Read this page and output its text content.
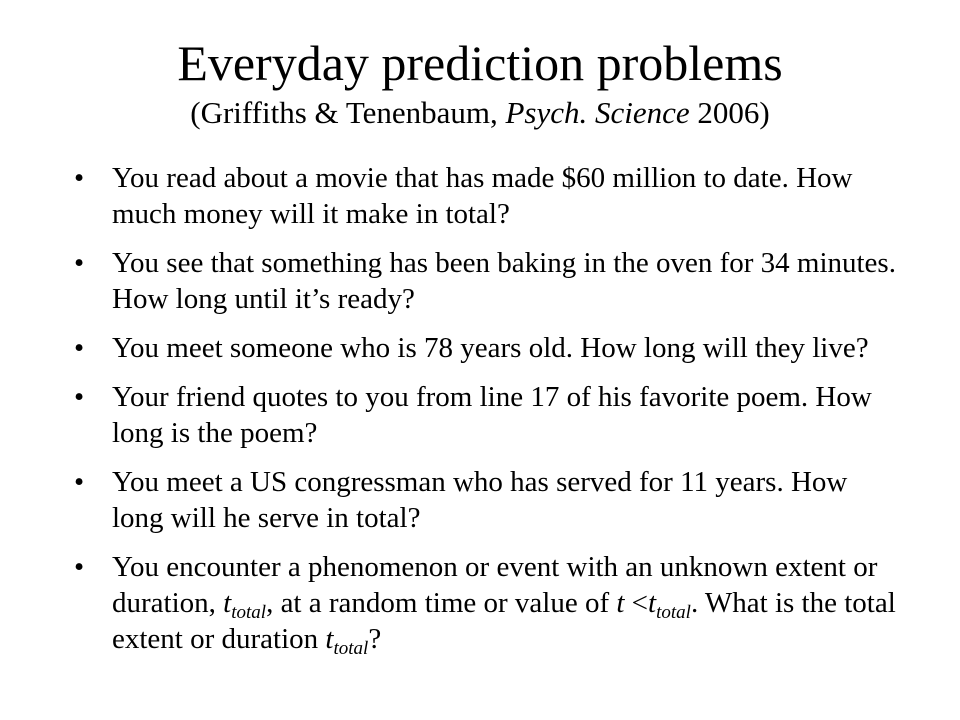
Everyday prediction problems
(Griffiths & Tenenbaum, Psych. Science 2006)
• You read about a movie that has made $60 million to date. How much money will it make in total?
• You see that something has been baking in the oven for 34 minutes. How long until it’s ready?
• You meet someone who is 78 years old. How long will they live?
• Your friend quotes to you from line 17 of his favorite poem. How long is the poem?
• You meet a US congressman who has served for 11 years. How long will he serve in total?
• You encounter a phenomenon or event with an unknown extent or duration, $t_{total}$, at a random time or value of $t <t_{total}$. What is the total extent or duration $t_{total}$?
